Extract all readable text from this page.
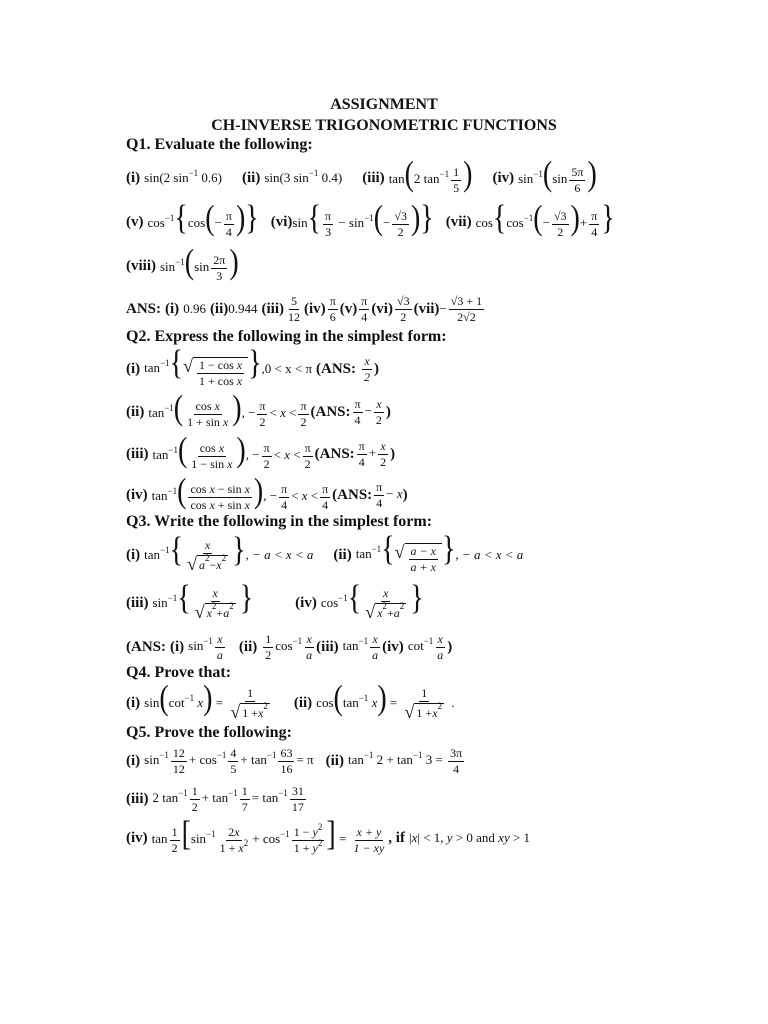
ASSIGNMENT
CH-INVERSE TRIGONOMETRIC FUNCTIONS
Q1. Evaluate the following:
(i)
sin(2 $\sin^{-1} 0.6$) (ii)
sin(3 $\sin^{-1} 0.4$) (iii)
tan(2 $\tan^{-1} \frac{1}{5}$ ) (iv)
$\sin^{-1}(\sin \frac{5\pi}{6}$ )
(v)
$\cos^{-1}\{\cos(- \frac{\pi}{4}$ )} (vi) $\sin\{ \frac{\pi}{3} - \sin^{-1}(- \frac{√3}{2}$ )} (vii)
$\cos\{\cos^{-1}(- \frac{√3}{2}$ )+ $\frac{\pi}{4}$ }
(viii)
$\sin^{-1}(\sin \frac{2\pi}{3}$ )
ANS:
(i)
0.96
(ii) 0.944
(iii) 5
12 (iv) π
6 (v) π
4 (vi) √3
2 $(vii) - \frac{√3 + 1}{2√2}$
Q2. Express the following in the simplest form:
(i)
$\tan^{-1}${ √ 1 − cos x
1 + cos x } ,0 < x < π
(ANS:
x
2 )
(ii)
$\tan^{-1}( \frac{\text{cos x}}{\text{1 + sin x}}$ ), − $\frac{\pi}{2} < x < \frac{\pi}{2} (ANS$: $\frac{\pi}{4} - \frac{x}{2}$ )
(iii)
$\tan^{-1}( \frac{\text{cos x}}{\text{1 − sin x}}$ ), − $\frac{\pi}{2} < x < \frac{\pi}{2} (ANS$: $\frac{\pi}{4} + \frac{x}{2}$ )
(iv)
$\tan^{-1}( \frac{\text{cos x − sin x}}{\text{cos x + sin x}}$ ), − $\frac{\pi}{4} < x < \frac{\pi}{4} (ANS$: $\frac{\pi}{4} - x$ )
Q3. Write the following in the simplest form:
(i)
$\tan^{-1}\{ \frac{x}{√ a 2 - x 2}$ } , − a < x < a (ii)
$\tan^{-1}${ √ a − x
a + x } , − a < x < a
(iii)
$\sin^{-1}\{ \frac{x}{√ x 2 + a 2}$ }	(iv)
$\cos^{-1}\{ \frac{x}{√ x 2 + a 2}$ }
(ANS:
(i)
$\sin^{-1} \frac{x}{a} (ii)$
$\frac{1}{2} \cos^{-1} \frac{x}{a} (iii)$
$\tan^{-1} \frac{x}{a} (iv)$
$\cot^{-1} \frac{x}{a}$ )
Q4. Prove that:
(i)
$\sin(\cot^{-1}$ $x) = \frac{1}{√ 1 + x 2} (ii)$
$\cos(\tan^{-1}$ $x) = \frac{1}{√ 1 + x 2}$ .
Q5. Prove the following:
(i)
$\sin^{-1} \frac{12}{12} + \cos^{-1} \frac{4}{5} + \tan^{-1} \frac{63}{16} = \pi$ (ii)
$\tan^{-1} 2 + \tan^{-1} 3 = \frac{3\pi}{4}$
(iii)
2 $\tan^{-1} \frac{1}{2} + \tan^{-1} \frac{1}{7} = \tan^{-1} \frac{31}{17}$
(iv)
$\tan \frac{1}{2} [\sin^{-1} \frac{2x}{1 + x^2} + \cos^{-1} \frac{1 - y^2}{1 + y^2}$ ] = $\frac{x + y}{1 - xy}$ , if
|x| < 1, y > 0 and xy > 1
